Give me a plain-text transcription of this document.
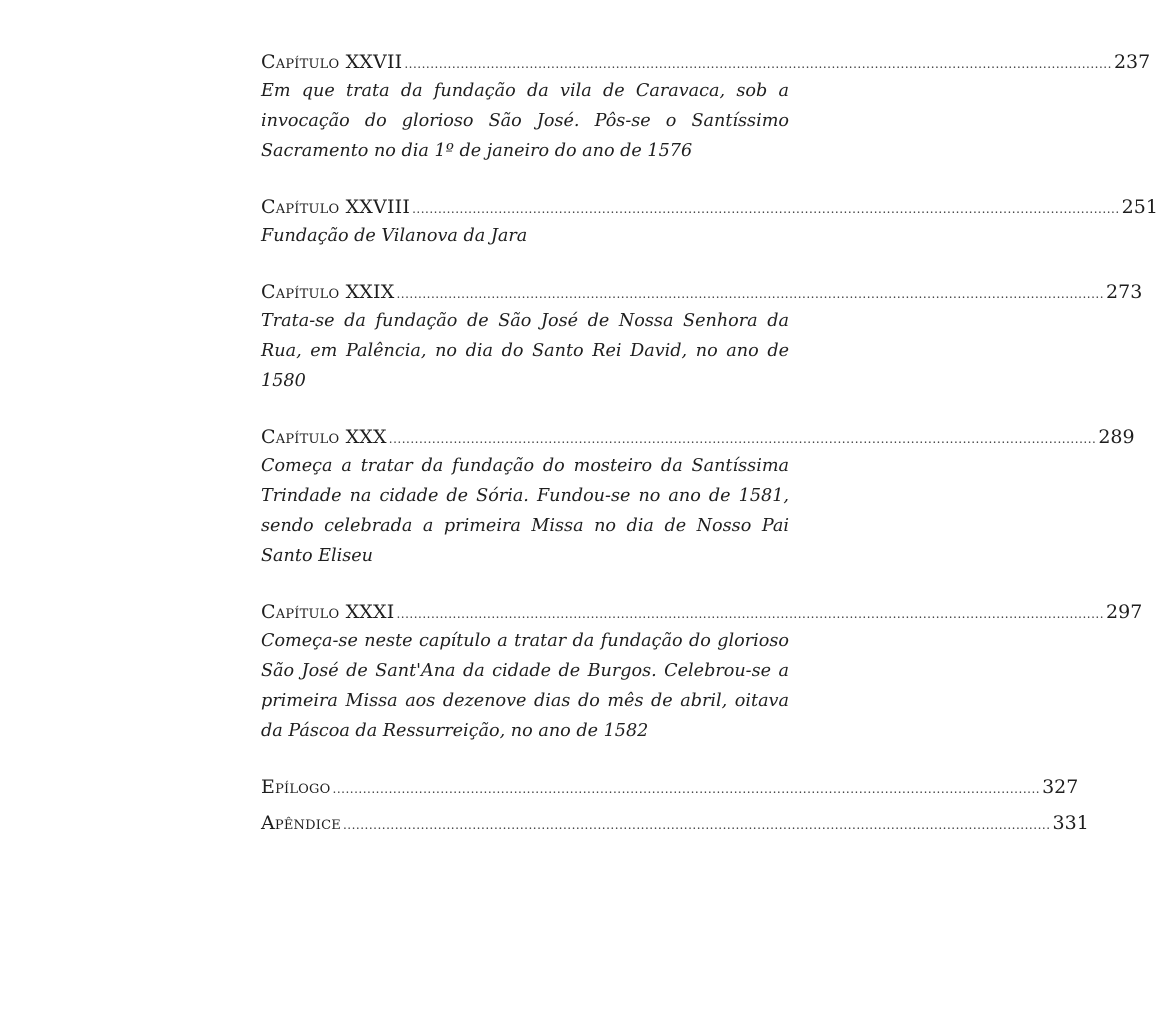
Capítulo XXVII .................................................................................................................................................................... 237

Em que trata da fundação da vila de Caravaca, sob a invocação do glorioso São José. Pôs-se o Santíssimo Sacramento no dia 1º de janeiro do ano de 1576

Capítulo XXVIII .................................................................................................................................................................... 251

Fundação de Vilanova da Jara

Capítulo XXIX .................................................................................................................................................................... 273

Trata-se da fundação de São José de Nossa Senhora da Rua, em Palência, no dia do Santo Rei David, no ano de 1580

Capítulo XXX .................................................................................................................................................................... 289

Começa a tratar da fundação do mosteiro da Santíssima Trindade na cidade de Sória. Fundou-se no ano de 1581, sendo celebrada a primeira Missa no dia de Nosso Pai Santo Eliseu

Capítulo XXXI .................................................................................................................................................................... 297

Começa-se neste capítulo a tratar da fundação do glorioso São José de Sant'Ana da cidade de Burgos. Celebrou-se a primeira Missa aos dezenove dias do mês de abril, oitava da Páscoa da Ressurreição, no ano de 1582

Epílogo .................................................................................................................................................................... 327
Apêndice .................................................................................................................................................................... 331
